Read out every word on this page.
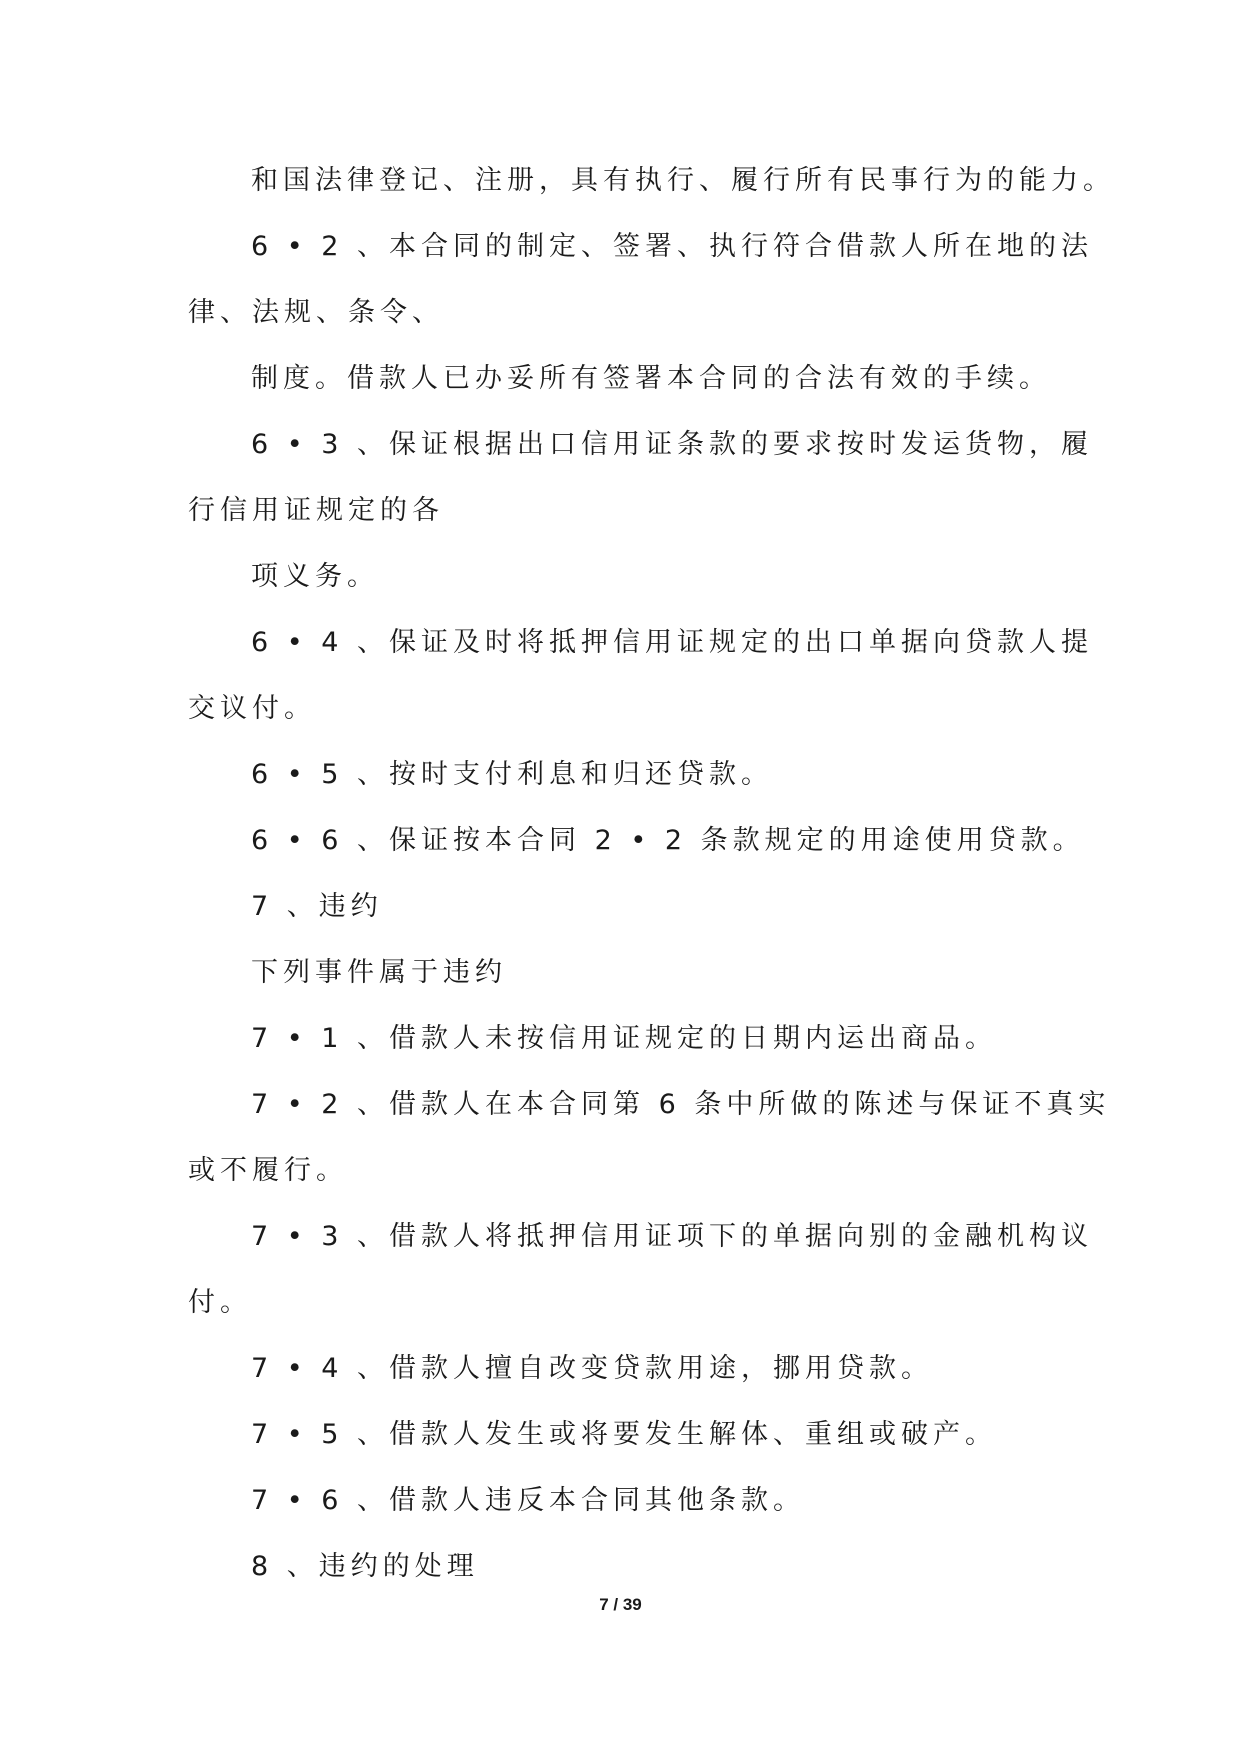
和国法律登记、注册，具有执行、履行所有民事行为的能力。

6 • 2 、本合同的制定、签署、执行符合借款人所在地的法

律、法规、条令、

制度。借款人已办妥所有签署本合同的合法有效的手续。

6 • 3 、保证根据出口信用证条款的要求按时发运货物，履

行信用证规定的各

项义务。

6 • 4 、保证及时将抵押信用证规定的出口单据向贷款人提

交议付。

6 • 5 、按时支付利息和归还贷款。

6 • 6 、保证按本合同 2 • 2 条款规定的用途使用贷款。

7 、违约

下列事件属于违约

7 • 1 、借款人未按信用证规定的日期内运出商品。

7 • 2 、借款人在本合同第 6 条中所做的陈述与保证不真实

或不履行。

7 • 3 、借款人将抵押信用证项下的单据向别的金融机构议

付。

7 • 4 、借款人擅自改变贷款用途，挪用贷款。

7 • 5 、借款人发生或将要发生解体、重组或破产。

7 • 6 、借款人违反本合同其他条款。

8 、违约的处理

7 / 39
